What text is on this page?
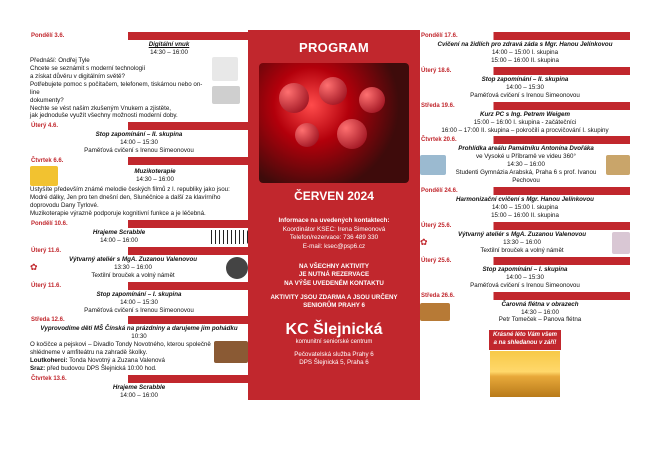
Pondělí 3.6.
Digitální vnuk
14:30 – 16:00
Přednáší: Ondřej Tyle
Chcete se seznámit s moderní technologií
a získat důvěru v digitálním světě?
Potřebujete pomoc s počítačem, telefonem, tiskárnou nebo on-line
dokumenty?
Nechte se vést našim zkušeným Vnukem a zjistěte,
jak jednoduše využít všechny možnosti moderní doby.

Úterý 4.6.
Stop zapomínání – II. skupina
14:00 – 15:30
Paměťová cvičení s Irenou Simeonovou
Čtvrtek 6.6.
Muzikoterapie
14:30 – 16:00
Ustyšíte především známé melodie českých filmů z I. republiky jako jsou:
Modré dálky, Jen pro ten dnešní den, Slunéčnice a další za klavírního
doprovodu Dany Tyrlové.
Muzikoterapie výrazně podporuje kognitivní funkce a je léčebná.
Pondělí 10.6.
Hrajeme Scrabble
14:00 – 16:00
Úterý 11.6.
✿
Výtvarný ateliér s MgA. Zuzanou Valenovou
13:30 – 16:00
Textilní brouček a volný námět
Úterý 11.6.
Stop zapomínání – I. skupina
14:00 – 15:30
Paměťová cvičení s Irenou Simeonovou
Středa 12.6.
Vyprovodíme děti MŠ Čínská na prázdniny a darujeme jim pohádku
10:30
O kočičce a pejskovi – Divadlo Tondy Novotného, kterou společně
shlédneme v amfiteátru na zahradě školky.
Loutkoherci: Tonda Novotný a Zuzana Valenová
Sraz: před budovou DPS Šlejnická 10:00 hod.
Čtvrtek 13.6.
Hrajeme Scrabble
14:00 – 16:00
PROGRAM
ČERVEN 2024
Informace na uvedených kontaktech:
Koordinátor KSEC: Irena Simeonová
Telefon/rezervace: 736 489 330
E-mail: ksec@psp6.cz
NA VŠECHNY AKTIVITY
JE NUTNÁ REZERVACE
NA VÝŠE UVEDENÉM KONTAKTU
AKTIVITY JSOU ZDARMA A JSOU URČENY
SENIORŮM PRAHY 6
KC Šlejnická
komunitní seniorské centrum
Pečovatelská služba Prahy 6
DPS Šlejnická 5, Praha 6
Pondělí 17.6.
Cvičení na židlích pro zdravá záda s Mgr. Hanou Jelínkovou
14:00 – 15:00 I. skupina
15:00 – 16:00 II. skupina
Úterý 18.6.
Stop zapomínání – II. skupina
14:00 – 15:30
Paměťová cvičení s Irenou Simeonovou
Středa 19.6.
Kurz PC s Ing. Petrem Weigem
15:00 – 16:00 I. skupina - začátečníci
16:00 – 17:00 II. skupina – pokročilí a procvičování I. skupiny
Čtvrtek 20.6.
Prohlídka areálu Památníku Antonína Dvořáka
ve Vysoké u Příbramě ve videu 360°
14:30 – 16:00
Studenti Gymnázia Arabská, Praha 6 s prof. Ivanou Pechovou
Pondělí 24.6.
Harmonizační cvičení s Mgr. Hanou Jelínkovou
14:00 – 15:00 I. skupina
15:00 – 16:00 II. skupina
Úterý 25.6.
✿
Výtvarný ateliér s MgA. Zuzanou Valenovou
13:30 – 16:00
Textilní brouček a volný námět
Úterý 25.6.
Stop zapomínání – I. skupina
14:00 – 15:30
Paměťová cvičení s Irenou Simeonovou
Středa 26.6.
Čarovná flétna v obrazech
14:30 – 16:00
Petr Tomeček – Panova flétna
Krásné léto Vám všem
a na shledanou v září!
